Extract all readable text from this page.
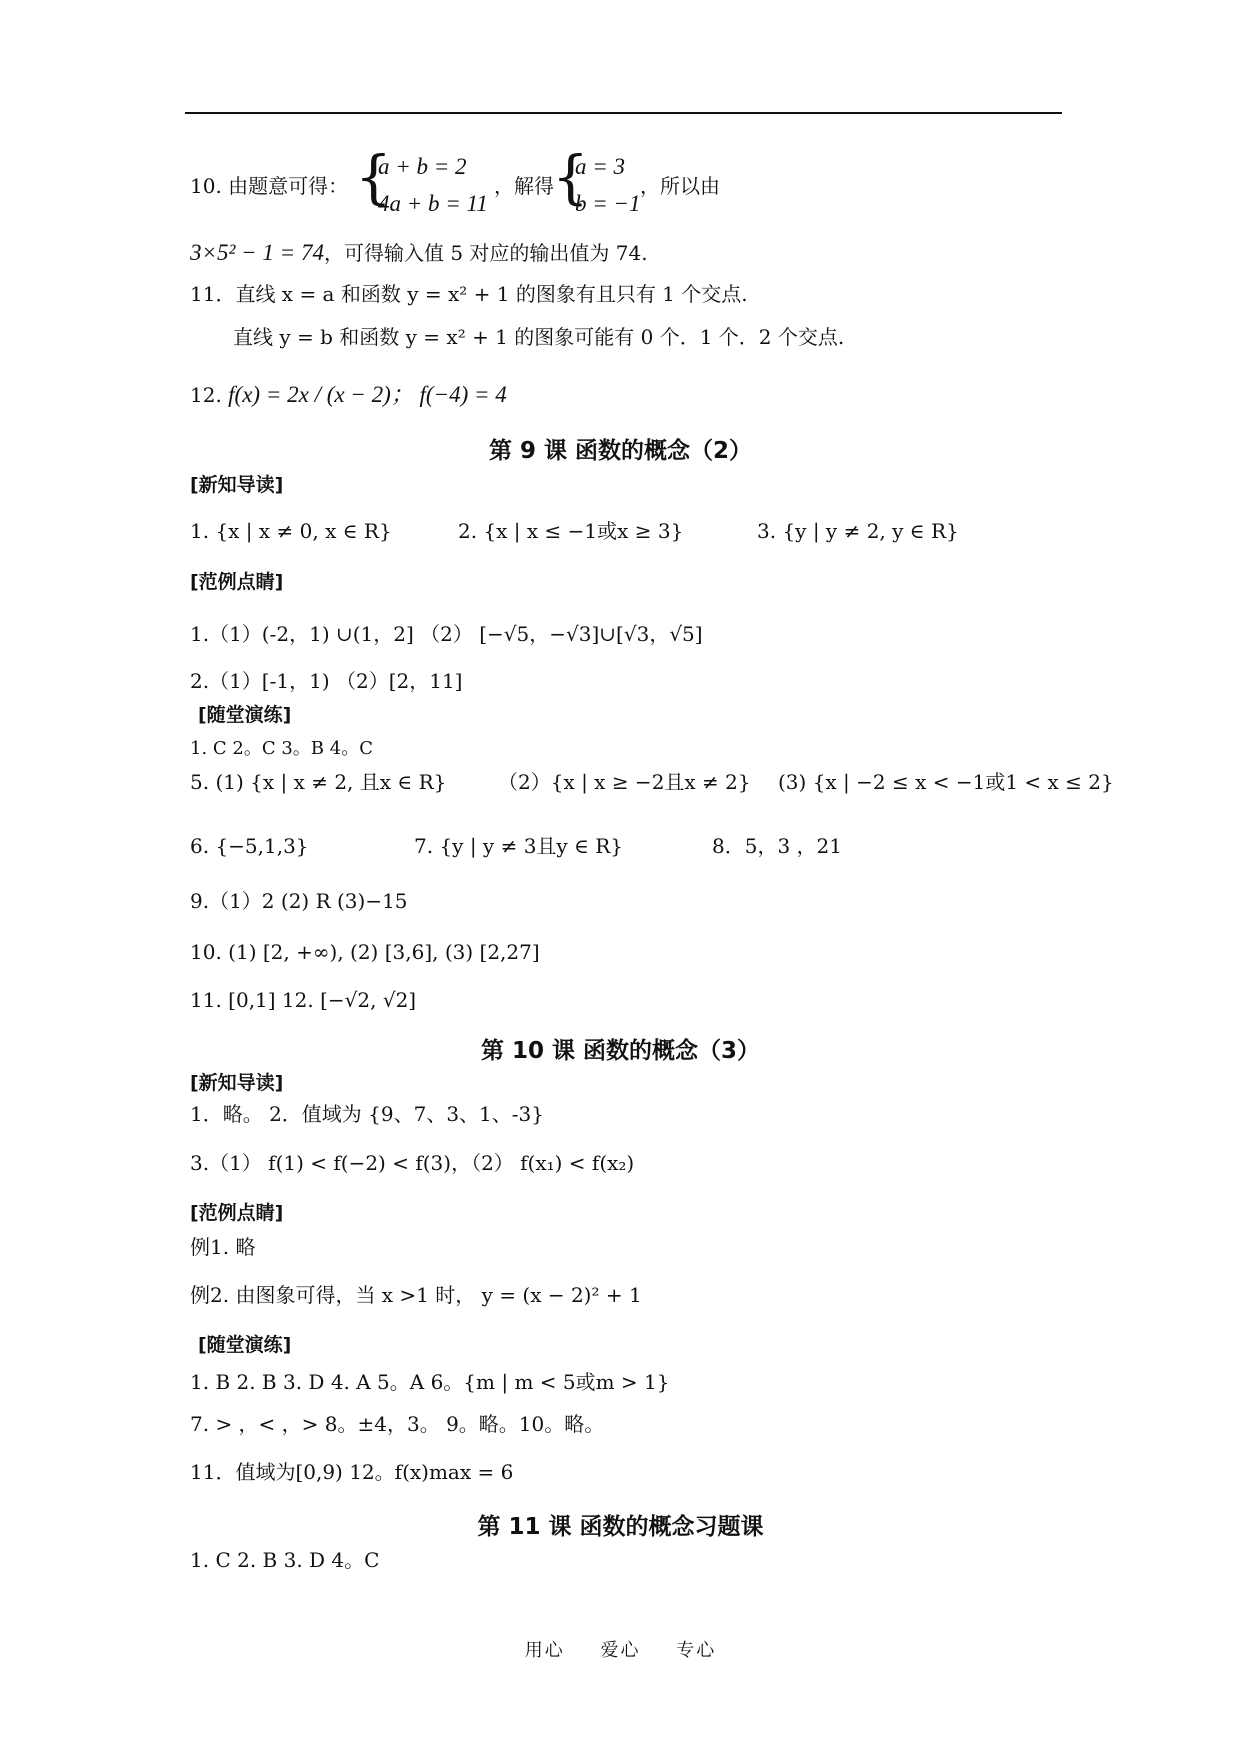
10. 由题意可得： {
a + b = 2
4a + b = 11
，解得
{
a = 3
b = −1
，所以由
3×5² − 1 = 74，可得输入值 5 对应的输出值为 74.
11．直线 x = a 和函数 y = x² + 1 的图象有且只有 1 个交点.
直线 y = b 和函数 y = x² + 1 的图象可能有 0 个．1 个．2 个交点.
12. f(x) = 2x / (x − 2)； f(−4) = 4
第 9 课 函数的概念（2）
[新知导读]
1. {x | x ≠ 0, x ∈ R}	2. {x | x ≤ −1或x ≥ 3}	3. {y | y ≠ 2, y ∈ R}
[范例点睛]
1.（1）(-2，1) ∪(1，2] （2） [−√5，−√3]∪[√3，√5]
2.（1）[-1，1) （2）[2，11]
[随堂演练]
1. C 2。C 3。B 4。C
5. (1) {x | x ≠ 2, 且x ∈ R}	（2）{x | x ≥ −2且x ≠ 2} (3) {x | −2 ≤ x < −1或1 < x ≤ 2}
6. {−5,1,3}	7. {y | y ≠ 3且y ∈ R}	8．5，3 ，21
9.（1）2 (2) R (3)−15
10. (1) [2, +∞), (2) [3,6], (3) [2,27]
11. [0,1] 12. [−√2, √2]
第 10 课 函数的概念（3）
[新知导读]
1．略。 2．值域为 {9、7、3、1、-3}
3.（1） f(1) < f(−2) < f(3)，（2） f(x₁) < f(x₂)
[范例点睛]
例1. 略
例2. 由图象可得，当 x >1 时， y = (x − 2)² + 1
[随堂演练]
1. B 2. B 3. D 4. A 5。A 6。{m | m < 5或m > 1}
7. > ，< ，> 8。±4，3。 9。略。10。略。
11．值域为[0,9) 12。f(x)max = 6
第 11 课 函数的概念习题课
1. C 2. B 3. D 4。C
用心 爱心 专心
